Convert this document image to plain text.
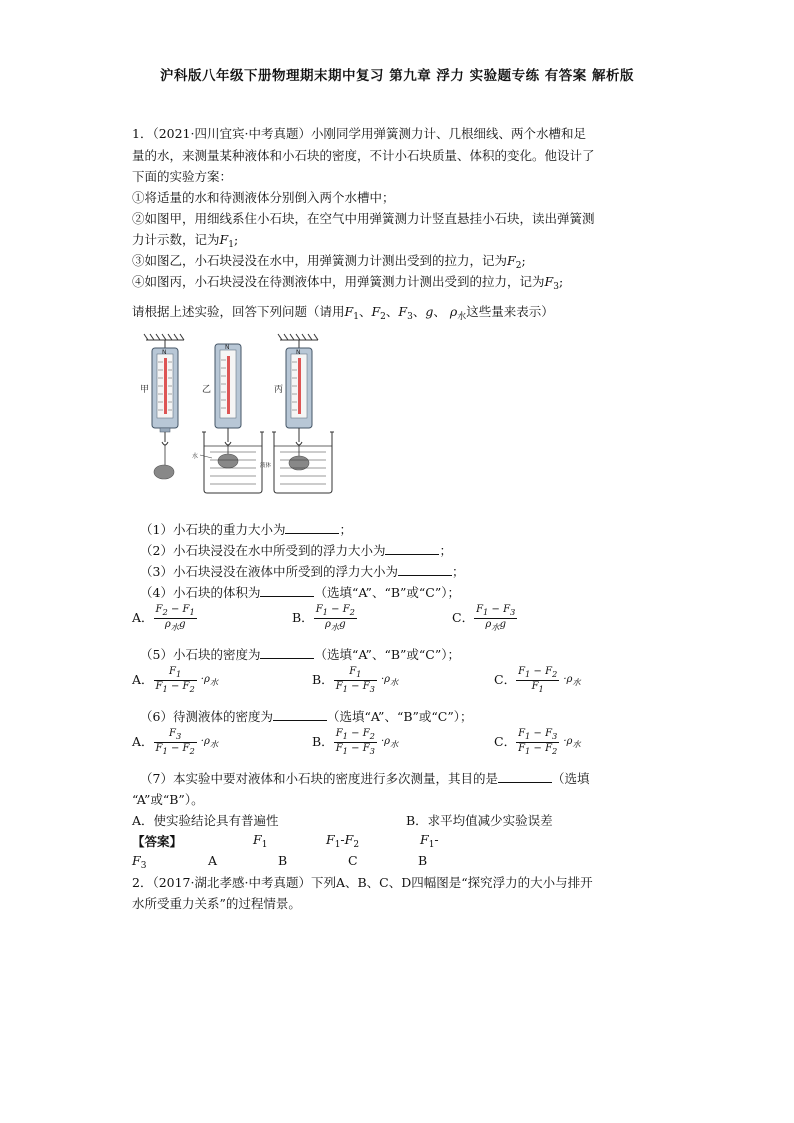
沪科版八年级下册物理期末期中复习 第九章 浮力 实验题专练 有答案 解析版
1．（2021·四川宜宾·中考真题）小刚同学用弹簧测力计、几根细线、两个水槽和足
量的水，来测量某种液体和小石块的密度，不计小石块质量、体积的变化。他设计了
下面的实验方案：
①将适量的水和待测液体分别倒入两个水槽中；
②如图甲，用细线系住小石块，在空气中用弹簧测力计竖直悬挂小石块，读出弹簧测
力计示数，记为$F_1$;
③如图乙，小石块浸没在水中，用弹簧测力计测出受到的拉力，记为$F_2$;
④如图丙，小石块浸没在待测液体中，用弹簧测力计测出受到的拉力，记为$F_3$;
请根据上述实验，回答下列问题（请用$F_1$、$F_2$、$F_3$、g、 $\rho_水$这些量来表示）
N
甲
N
乙
水
N
丙
液体
（1）小石块的重力大小为	；
（2）小石块浸没在水中所受到的浮力大小为	；
（3）小石块浸没在液体中所受到的浮力大小为	；
（4）小石块的体积为	（选填“A”、“B”或“C”）；
A． $\frac{F_2 - F_1}{\rho_水g}$	B． $\frac{F_1 - F_2}{\rho_水g}$	C． $\frac{F_1 - F_3}{\rho_水g}$
（5）小石块的密度为	（选填“A”、“B”或“C”）；
A． $\frac{F_1}{F_1 - F_2} \cdot\rho_水$	B． $\frac{F_1}{F_1 - F_3} \cdot\rho_水$	C． $\frac{F_1 - F_2}{F_1} \cdot\rho_水$
（6）待测液体的密度为	（选填“A”、“B”或“C”）；
A． $\frac{F_3}{F_1 - F_2} \cdot\rho_水$	B． $\frac{F_1 - F_2}{F_1 - F_3} \cdot\rho_水$	C． $\frac{F_1 - F_3}{F_1 - F_2} \cdot\rho_水$
（7）本实验中要对液体和小石块的密度进行多次测量，其目的是	（选填
“A”或“B”）。
A．使实验结论具有普遍性	B．求平均值减少实验误差
【答案】	$F_1$	$F_1-F_2$	$F_1-$
$F_3$	A	B	C	B
2．（2017·湖北孝感·中考真题）下列A、B、C、D四幅图是“探究浮力的大小与排开
水所受重力关系”的过程情景。
